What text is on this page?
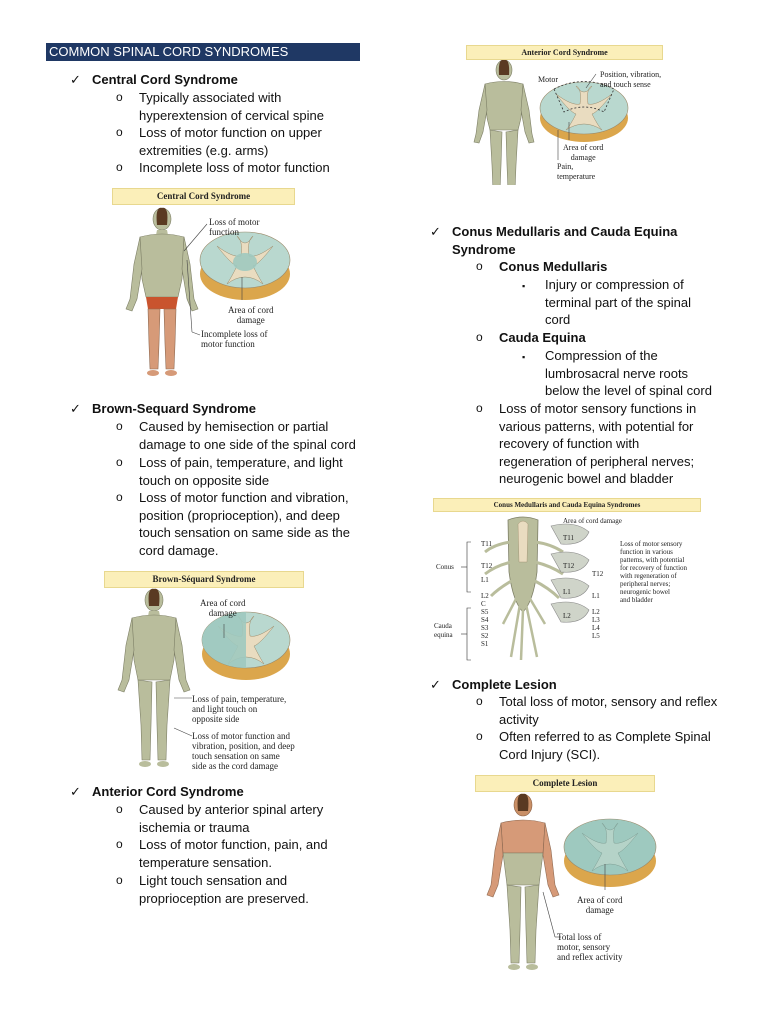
COMMON SPINAL CORD SYNDROMES
✓ Central Cord Syndrome
o Typically associated with
hyperextension of cervical spine
o Loss of motor function on upper
extremities (e.g. arms)
o Incomplete loss of motor function
Central Cord Syndrome
Loss of motor
function
Area of cord
damage
Incomplete loss of
motor function
✓ Brown-Sequard Syndrome
o Caused by hemisection or partial
damage to one side of the spinal cord
o Loss of pain, temperature, and light
touch on opposite side
o Loss of motor function and vibration,
position (proprioception), and deep
touch sensation on same side as the
cord damage.
Brown-Séquard Syndrome
Area of cord
damage
Loss of pain, temperature,
and light touch on
opposite side
Loss of motor function and
vibration, position, and deep
touch sensation on same
side as the cord damage
✓ Anterior Cord Syndrome
o Caused by anterior spinal artery
ischemia or trauma
o Loss of motor function, pain, and
temperature sensation.
o Light touch sensation and
proprioception are preserved.
Anterior Cord Syndrome
Motor
Position, vibration,
and touch sense
Area of cord
damage
Pain,
temperature
✓ Conus Medullaris and Cauda Equina
Syndrome
o Conus Medullaris
▪ Injury or compression of
terminal part of the spinal
cord
o Cauda Equina
▪ Compression of the
lumbrosacral nerve roots
below the level of spinal cord
o Loss of motor sensory functions in
various patterns, with potential for
recovery of function with
regeneration of peripheral nerves;
neurogenic bowel and bladder
Conus Medullaris and Cauda Equina Syndromes
Area of cord damage
Conus
Cauda
equina
T11
T12
L1
L2
C
S5
S4
S3
S2
S1
T12
L1
L2
L3
L4
L5
T11
T12
L1
L2
Loss of motor sensory
function in various
patterns, with potential
for recovery of function
with regeneration of
peripheral nerves;
neurogenic bowel
and bladder
✓ Complete Lesion
o Total loss of motor, sensory and reflex
activity
o Often referred to as Complete Spinal
Cord Injury (SCI).
Complete Lesion
Area of cord
damage
Total loss of
motor, sensory
and reflex activity
